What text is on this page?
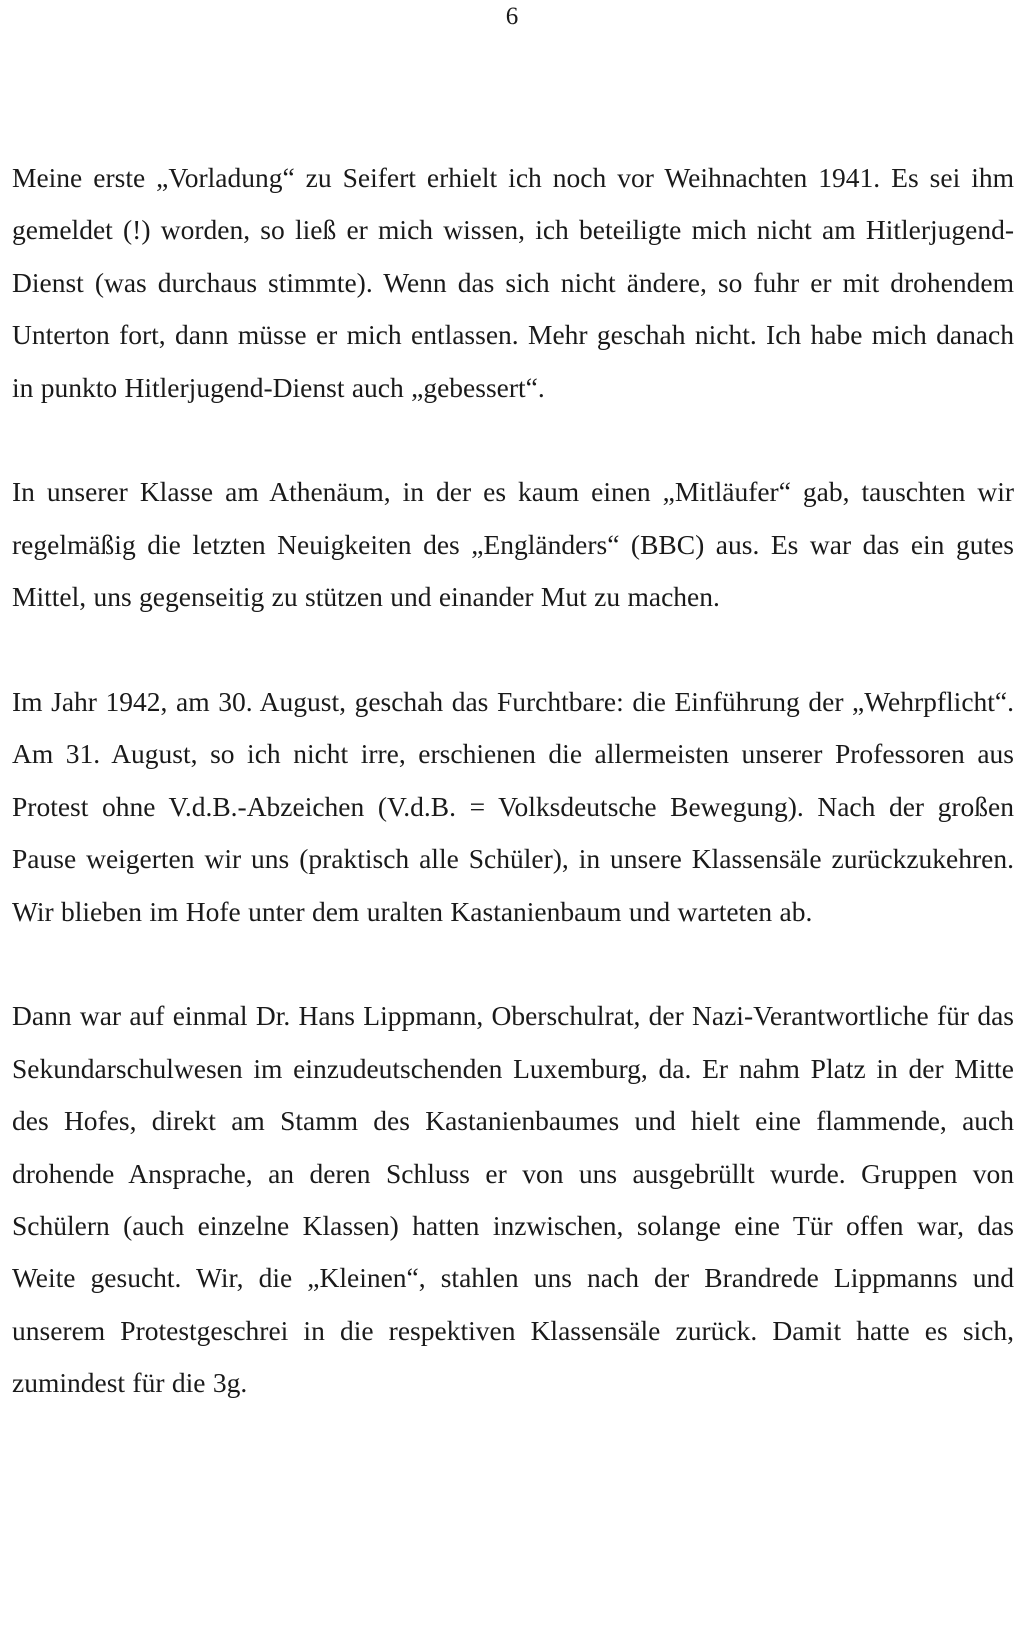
6

Meine erste „Vorladung“ zu Seifert erhielt ich noch vor Weihnachten 1941. Es sei ihm gemeldet (!) worden, so ließ er mich wissen, ich beteiligte mich nicht am Hitlerjugend-Dienst (was durchaus stimmte). Wenn das sich nicht ändere, so fuhr er mit drohendem Unterton fort, dann müsse er mich entlassen. Mehr geschah nicht. Ich habe mich danach in punkto Hitlerjugend-Dienst auch „gebessert“.

In unserer Klasse am Athenäum, in der es kaum einen „Mitläufer“ gab, tauschten wir regelmäßig die letzten Neuigkeiten des „Engländers“ (BBC) aus. Es war das ein gutes Mittel, uns gegenseitig zu stützen und einander Mut zu machen.

Im Jahr 1942, am 30. August, geschah das Furchtbare: die Einführung der „Wehrpflicht“. Am 31. August, so ich nicht irre, erschienen die allermeisten unserer Professoren aus Protest ohne V.d.B.-Abzeichen (V.d.B. = Volksdeutsche Bewegung). Nach der großen Pause weigerten wir uns (praktisch alle Schüler), in unsere Klassensäle zurückzukehren. Wir blieben im Hofe unter dem uralten Kastanienbaum und warteten ab.

Dann war auf einmal Dr. Hans Lippmann, Oberschulrat, der Nazi-Verantwortliche für das Sekundarschulwesen im einzudeutschenden Luxemburg, da. Er nahm Platz in der Mitte des Hofes, direkt am Stamm des Kastanienbaumes und hielt eine flammende, auch drohende Ansprache, an deren Schluss er von uns ausgebrüllt wurde. Gruppen von Schülern (auch einzelne Klassen) hatten inzwischen, solange eine Tür offen war, das Weite gesucht. Wir, die „Kleinen“, stahlen uns nach der Brandrede Lippmanns und unserem Protestgeschrei in die respektiven Klassensäle zurück. Damit hatte es sich, zumindest für die 3g.
